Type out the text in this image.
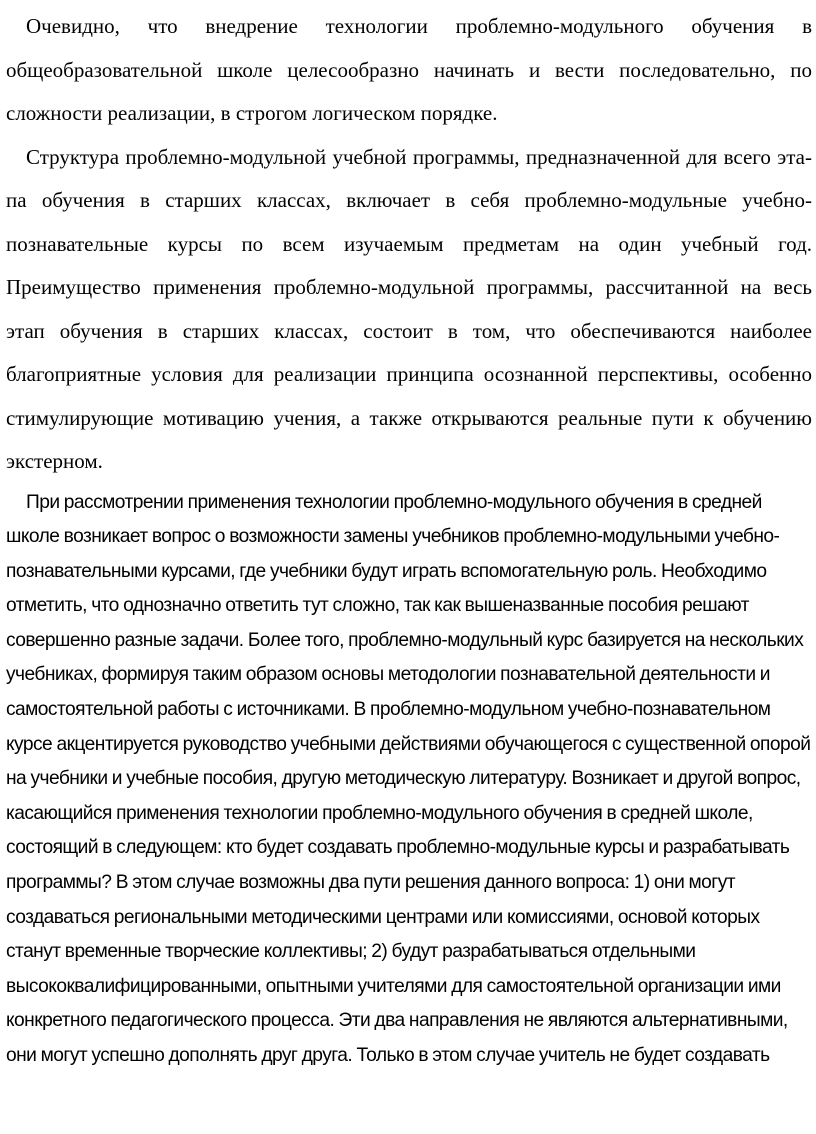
Очевидно, что внедрение технологии проблемно-модульного обучения в общеобразовательной школе целесообразно начинать и вести последовательно, по сложности реализации, в строгом логическом порядке.

Структура проблемно-модульной учебной программы, предназначенной для всего эта- па обучения в старших классах, включает в себя проблемно-модульные учебно-познавательные курсы по всем изучаемым предметам на один учебный год. Преимущество применения проблемно-модульной программы, рассчитанной на весь этап обучения в старших классах, состоит в том, что обеспечиваются наиболее благоприятные условия для реализации принципа осознанной перспективы, особенно стимулирующие мотивацию учения, а также открываются реальные пути к обучению экстерном.

При рассмотрении применения технологии проблемно-модульного обучения в средней школе возникает вопрос о возможности замены учебников проблемно-модульными учебно-познавательными курсами, где учебники будут играть вспомогательную роль. Необходимо отметить, что однозначно ответить тут сложно, так как вышеназванные пособия решают совершенно разные задачи. Более того, проблемно-модульный курс базируется на нескольких учебниках, формируя таким образом основы методологии познавательной деятельности и самостоятельной работы с источниками. В проблемно-модульном учебно-познавательном курсе акцентируется руководство учебными действиями обучающегося с существенной опорой на учебники и учебные пособия, другую методическую литературу. Возникает и другой вопрос, касающийся применения технологии проблемно-модульного обучения в средней школе, состоящий в следующем: кто будет создавать проблемно-модульные курсы и разрабатывать программы? В этом случае возможны два пути решения данного вопроса: 1) они могут создаваться региональными методическими центрами или комиссиями, основой которых станут временные творческие коллективы; 2) будут разрабатываться отдельными высококвалифицированными, опытными учителями для самостоятельной организации ими конкретного педагогического процесса. Эти два направления не являются альтернативными, они могут успешно дополнять друг друга. Только в этом случае учитель не будет создавать
